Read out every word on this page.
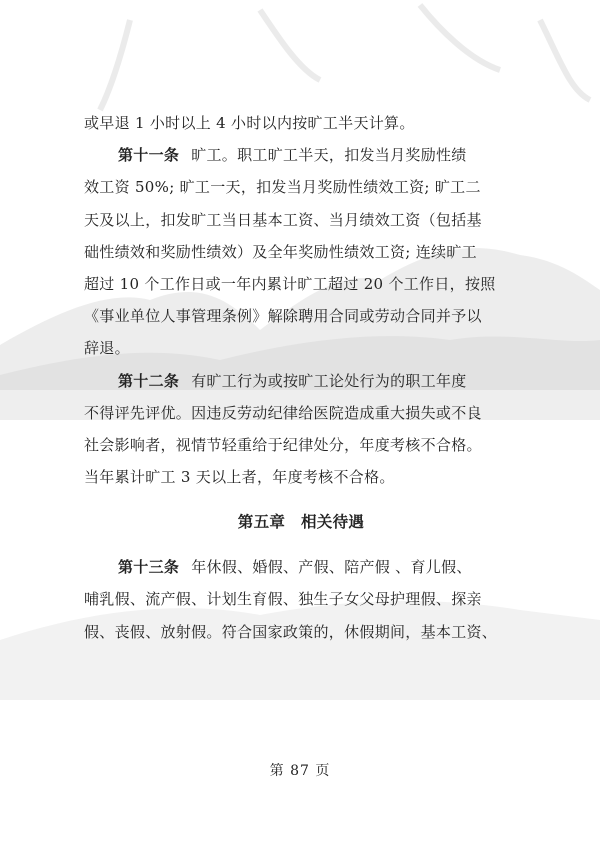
或早退 1 小时以上 4 小时以内按旷工半天计算。
第十一条 旷工。职工旷工半天，扣发当月奖励性绩
效工资 50%; 旷工一天，扣发当月奖励性绩效工资; 旷工二
天及以上，扣发旷工当日基本工资、当月绩效工资（包括基
础性绩效和奖励性绩效）及全年奖励性绩效工资; 连续旷工
超过 10 个工作日或一年内累计旷工超过 20 个工作日，按照
《事业单位人事管理条例》解除聘用合同或劳动合同并予以
辞退。
第十二条 有旷工行为或按旷工论处行为的职工年度
不得评先评优。因违反劳动纪律给医院造成重大损失或不良
社会影响者，视情节轻重给于纪律处分，年度考核不合格。
当年累计旷工 3 天以上者，年度考核不合格。
第五章　相关待遇
第十三条 年休假、婚假、产假、陪产假 、育儿假、
哺乳假、流产假、计划生育假、独生子女父母护理假、探亲
假、丧假、放射假。符合国家政策的，休假期间，基本工资、
第 87 页
